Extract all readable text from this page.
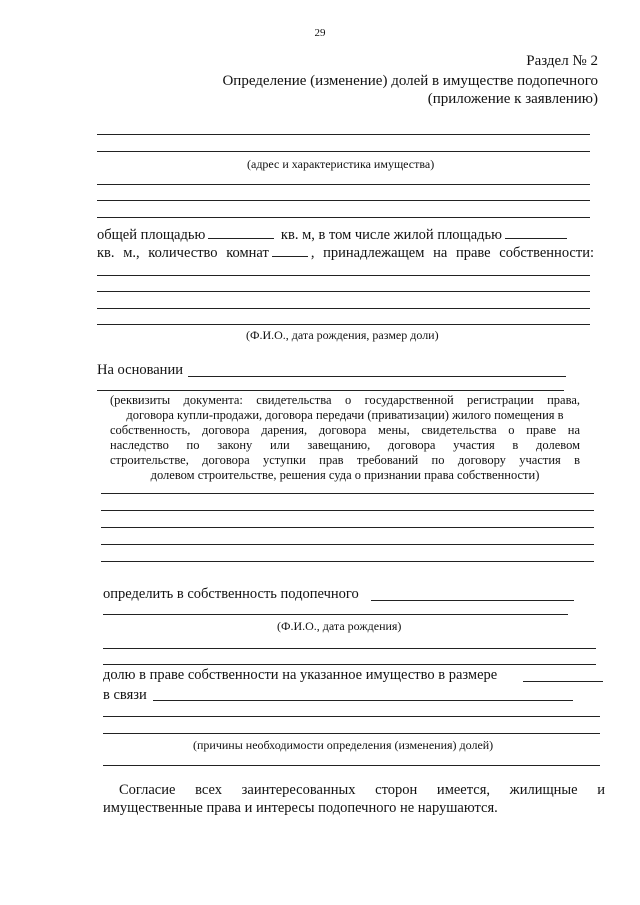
29
Раздел № 2
Определение (изменение) долей в имуществе подопечного
(приложение к заявлению)
(адрес и характеристика имущества)
общей площадью	кв. м, в том числе жилой площадью
кв. м., количество комнат	, принадлежащем на праве собственности:
(Ф.И.О., дата рождения, размер доли)
На основании
(реквизиты документа: свидетельства о государственной регистрации права,
договора купли-продажи, договора передачи (приватизации) жилого помещения в
собственность, договора дарения, договора мены, свидетельства о праве на
наследство по закону или завещанию, договора участия в долевом
строительстве, договора уступки прав требований по договору участия в
долевом строительстве, решения суда о признании права собственности)
определить в собственность подопечного
(Ф.И.О., дата рождения)
долю в праве собственности на указанное имущество в размере
в связи
(причины необходимости определения (изменения) долей)
Согласие всех заинтересованных сторон имеется, жилищные и
имущественные права и интересы подопечного не нарушаются.
